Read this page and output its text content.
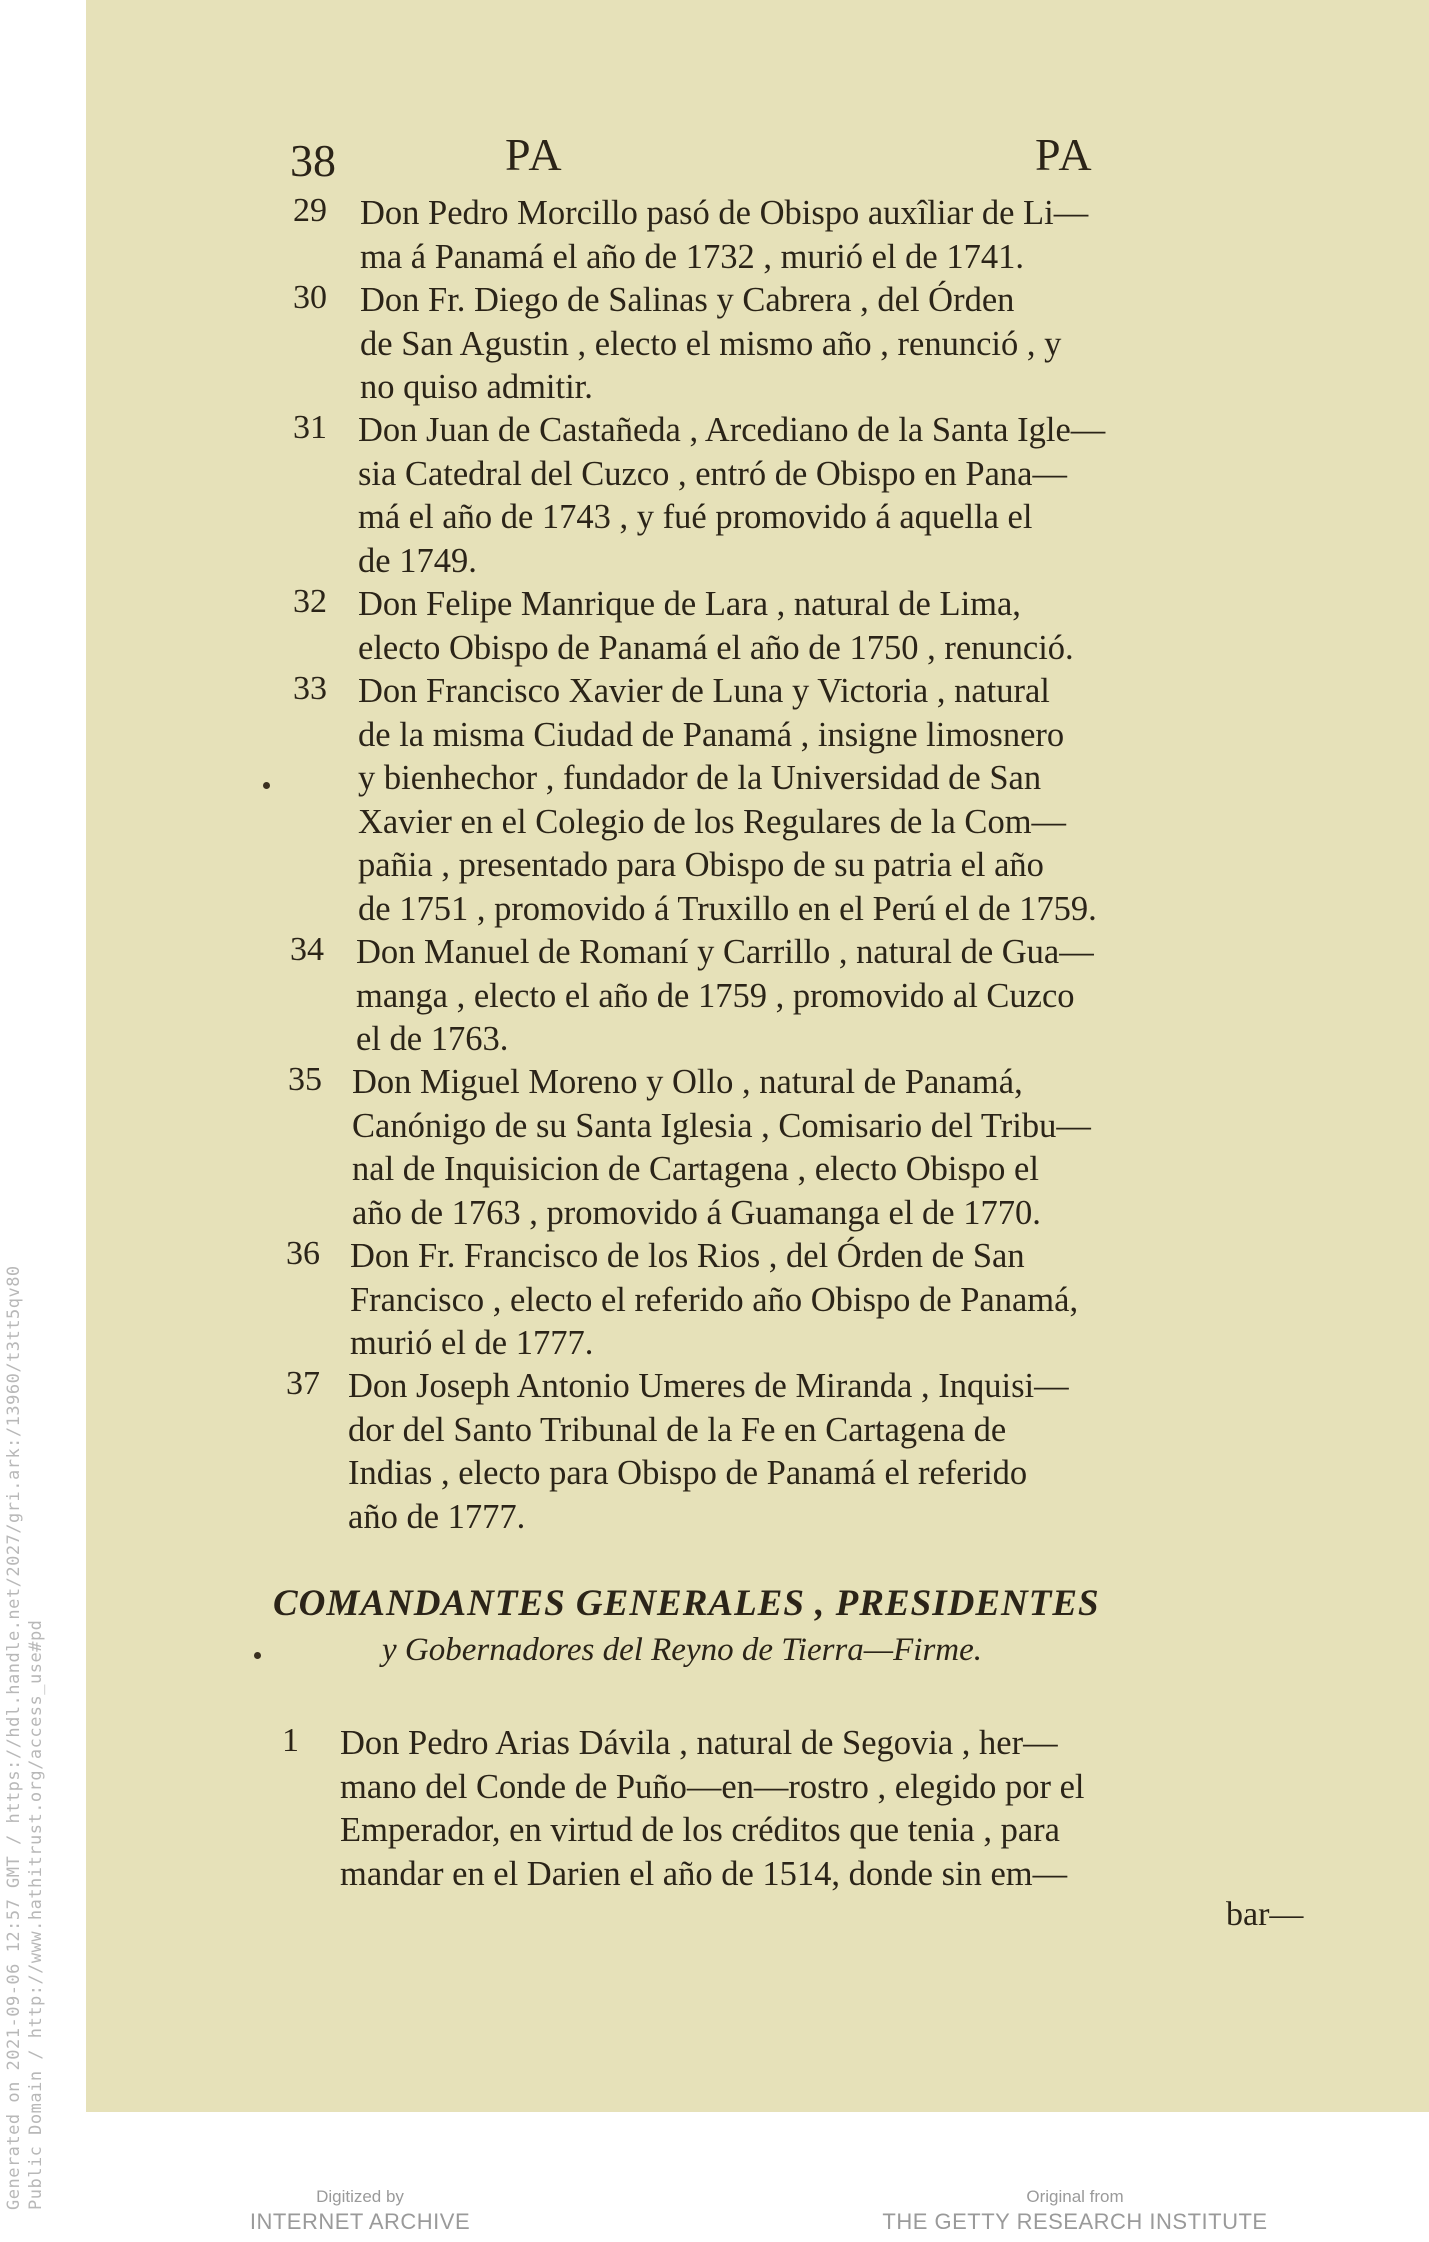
Generated on 2021-09-06 12:57 GMT / https://hdl.handle.net/2027/gri.ark:/13960/t3tt5qv80 Public Domain / http://www.hathitrust.org/access_use#pd
38	PA	PA
29 Don Pedro Morcillo pasó de Obispo auxîliar de Li—
ma á Panamá el año de 1732 , murió el de 1741.
30 Don Fr. Diego de Salinas y Cabrera , del Órden
de San Agustin , electo el mismo año , renunció , y
no quiso admitir.
31 Don Juan de Castañeda , Arcediano de la Santa Igle—
sia Catedral del Cuzco , entró de Obispo en Pana—
má el año de 1743 , y fué promovido á aquella el
de 1749.
32 Don Felipe Manrique de Lara , natural de Lima,
electo Obispo de Panamá el año de 1750 , renunció.
33 Don Francisco Xavier de Luna y Victoria , natural
de la misma Ciudad de Panamá , insigne limosnero
y bienhechor , fundador de la Universidad de San
Xavier en el Colegio de los Regulares de la Com—
pañia , presentado para Obispo de su patria el año
de 1751 , promovido á Truxillo en el Perú el de 1759.
34 Don Manuel de Romaní y Carrillo , natural de Gua—
manga , electo el año de 1759 , promovido al Cuzco
el de 1763.
35 Don Miguel Moreno y Ollo , natural de Panamá,
Canónigo de su Santa Iglesia , Comisario del Tribu—
nal de Inquisicion de Cartagena , electo Obispo el
año de 1763 , promovido á Guamanga el de 1770.
36 Don Fr. Francisco de los Rios , del Órden de San
Francisco , electo el referido año Obispo de Panamá,
murió el de 1777.
37 Don Joseph Antonio Umeres de Miranda , Inquisi—
dor del Santo Tribunal de la Fe en Cartagena de
Indias , electo para Obispo de Panamá el referido
año de 1777.
COMANDANTES GENERALES , PRESIDENTES
y Gobernadores del Reyno de Tierra—Firme.
1	Don Pedro Arias Dávila , natural de Segovia , her—
mano del Conde de Puño—en—rostro , elegido por el
Emperador, en virtud de los créditos que tenia , para
mandar en el Darien el año de 1514, donde sin em—
bar—
Digitized by
INTERNET ARCHIVE
Original from
THE GETTY RESEARCH INSTITUTE
